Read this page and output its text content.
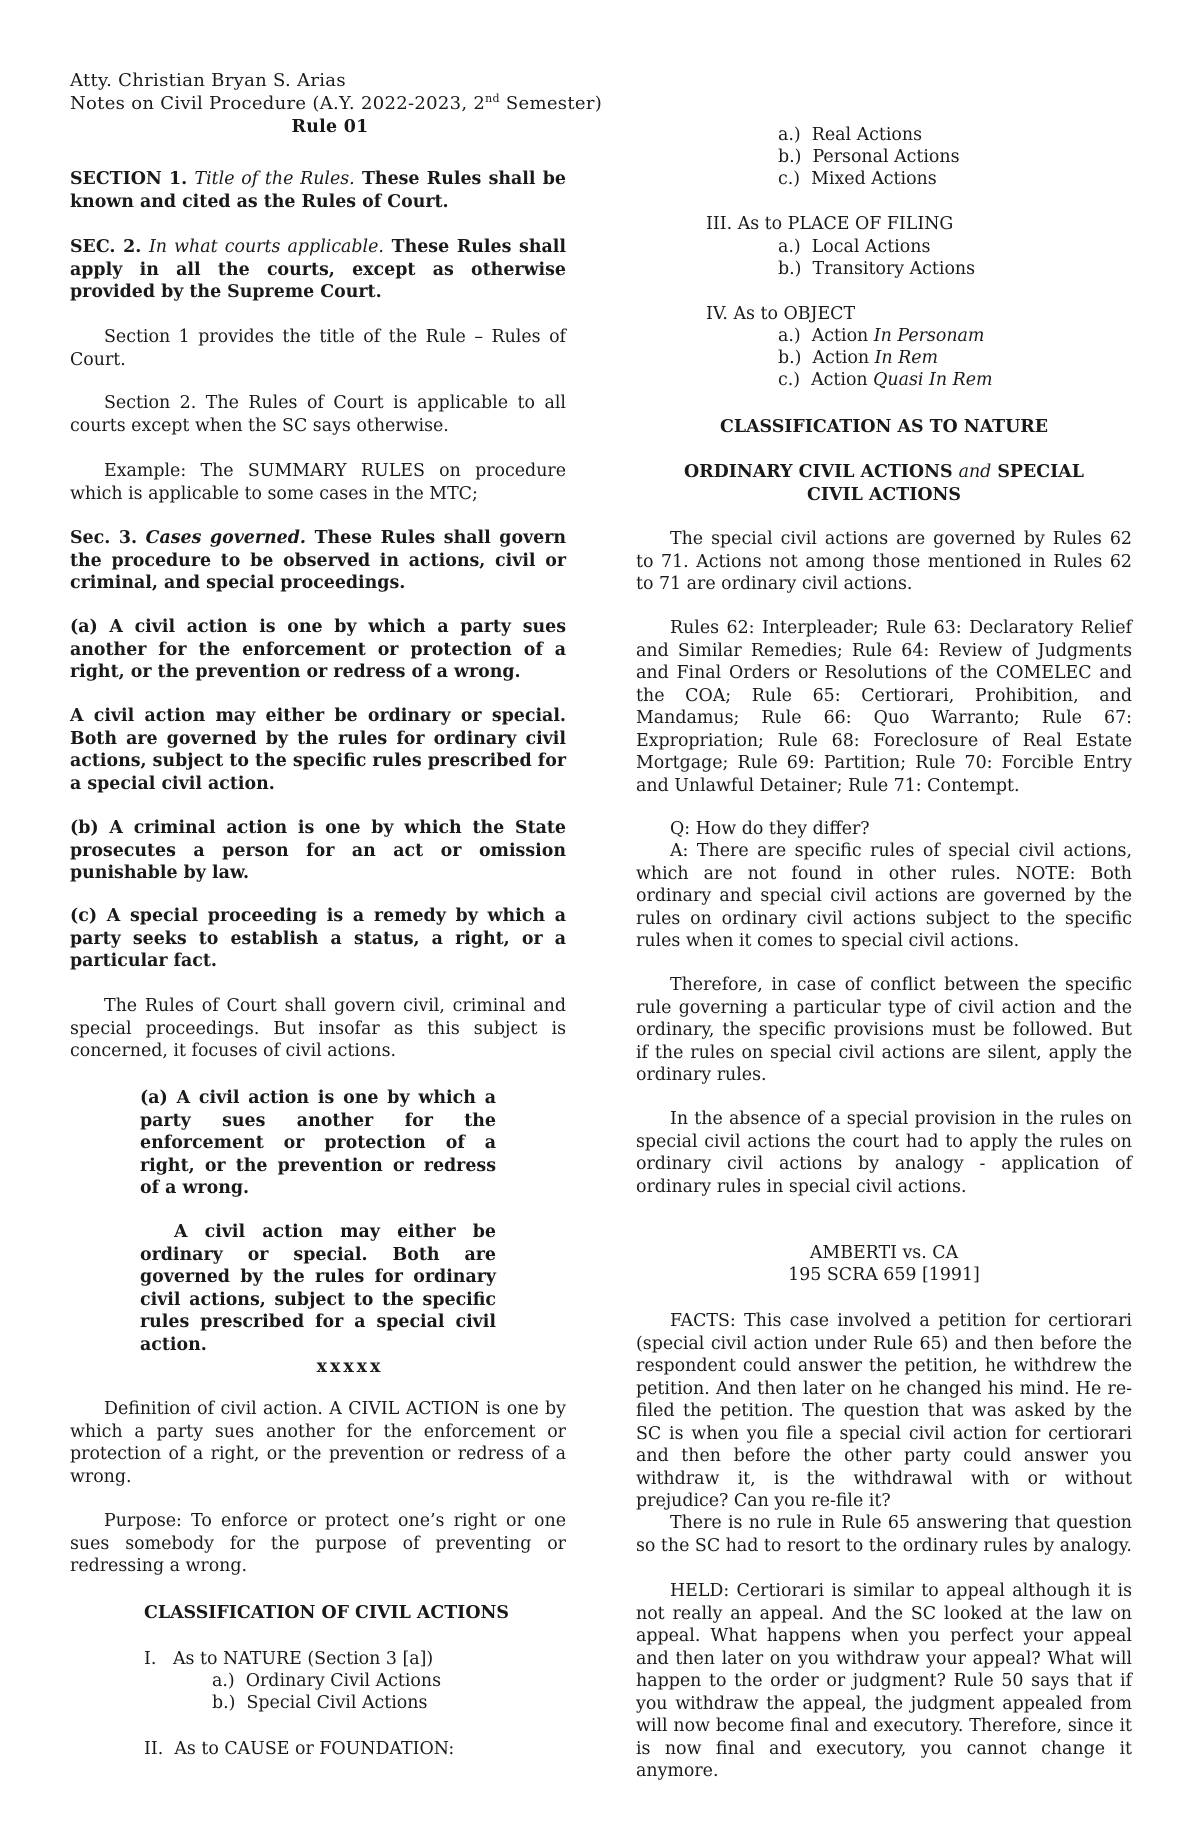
Atty. Christian Bryan S. Arias
Notes on Civil Procedure (A.Y. 2022-2023, 2nd Semester)
Rule 01

SECTION 1. Title of the Rules. These Rules shall be known and cited as the Rules of Court.

SEC. 2. In what courts applicable. These Rules shall apply in all the courts, except as otherwise provided by the Supreme Court.

Section 1 provides the title of the Rule – Rules of Court.

Section 2. The Rules of Court is applicable to all courts except when the SC says otherwise.

Example: The SUMMARY RULES on procedure which is applicable to some cases in the MTC;

Sec. 3. Cases governed. These Rules shall govern the procedure to be observed in actions, civil or criminal, and special proceedings.

(a) A civil action is one by which a party sues another for the enforcement or protection of a right, or the prevention or redress of a wrong.

A civil action may either be ordinary or special. Both are governed by the rules for ordinary civil actions, subject to the specific rules prescribed for a special civil action.

(b) A criminal action is one by which the State prosecutes a person for an act or omission punishable by law.

(c) A special proceeding is a remedy by which a party seeks to establish a status, a right, or a particular fact.

The Rules of Court shall govern civil, criminal and special proceedings. But insofar as this subject is concerned, it focuses of civil actions.

(a) A civil action is one by which a party sues another for the enforcement or protection of a right, or the prevention or redress of a wrong.

A civil action may either be ordinary or special. Both are governed by the rules for ordinary civil actions, subject to the specific rules prescribed for a special civil action.

xxxxx

Definition of civil action. A CIVIL ACTION is one by which a party sues another for the enforcement or protection of a right, or the prevention or redress of a wrong.

Purpose: To enforce or protect one’s right or one sues somebody for the purpose of preventing or redressing a wrong.

CLASSIFICATION OF CIVIL ACTIONS

I.   As to NATURE (Section 3 [a])
a.)  Ordinary Civil Actions
b.)  Special Civil Actions
II.  As to CAUSE or FOUNDATION:
a.)  Real Actions
b.)  Personal Actions
c.)  Mixed Actions
III. As to PLACE OF FILING
a.)  Local Actions
b.)  Transitory Actions
IV. As to OBJECT
a.)  Action In Personam
b.)  Action In Rem
c.)  Action Quasi In Rem

CLASSIFICATION AS TO NATURE

ORDINARY CIVIL ACTIONS and SPECIAL CIVIL ACTIONS

The special civil actions are governed by Rules 62 to 71. Actions not among those mentioned in Rules 62 to 71 are ordinary civil actions.

Rules 62: Interpleader; Rule 63: Declaratory Relief and Similar Remedies; Rule 64: Review of Judgments and Final Orders or Resolutions of the COMELEC and the COA; Rule 65: Certiorari, Prohibition, and Mandamus; Rule 66: Quo Warranto; Rule 67: Expropriation; Rule 68: Foreclosure of Real Estate Mortgage; Rule 69: Partition; Rule 70: Forcible Entry and Unlawful Detainer; Rule 71: Contempt.

Q: How do they differ?

A: There are specific rules of special civil actions, which are not found in other rules. NOTE: Both ordinary and special civil actions are governed by the rules on ordinary civil actions subject to the specific rules when it comes to special civil actions.

Therefore, in case of conflict between the specific rule governing a particular type of civil action and the ordinary, the specific provisions must be followed. But if the rules on special civil actions are silent, apply the ordinary rules.

In the absence of a special provision in the rules on special civil actions the court had to apply the rules on ordinary civil actions by analogy - application of ordinary rules in special civil actions.

AMBERTI vs. CA

195 SCRA 659 [1991]

FACTS: This case involved a petition for certiorari (special civil action under Rule 65) and then before the respondent could answer the petition, he withdrew the petition. And then later on he changed his mind. He re-filed the petition. The question that was asked by the SC is when you file a special civil action for certiorari and then before the other party could answer you withdraw it, is the withdrawal with or without prejudice? Can you re-file it?

There is no rule in Rule 65 answering that question so the SC had to resort to the ordinary rules by analogy.

HELD: Certiorari is similar to appeal although it is not really an appeal. And the SC looked at the law on appeal. What happens when you perfect your appeal and then later on you withdraw your appeal? What will happen to the order or judgment? Rule 50 says that if you withdraw the appeal, the judgment appealed from will now become final and executory. Therefore, since it is now final and executory, you cannot change it anymore.
